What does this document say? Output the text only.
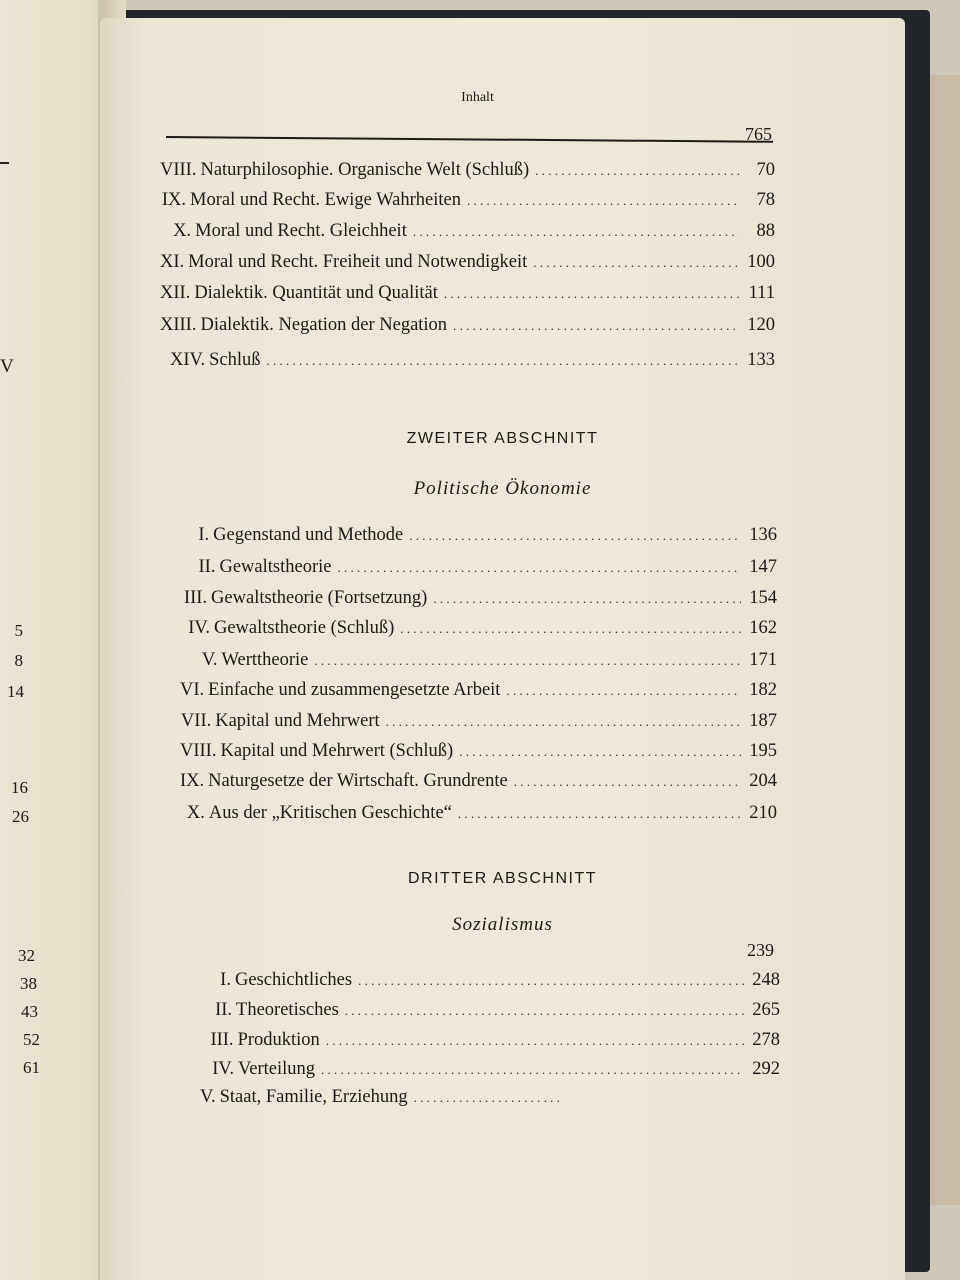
V
5
8
14
16
26
32
38
43
52
61
Inhalt
765
VIII. Naturphilosophie. Organische Welt (Schluß) . . .	70
IX. Moral und Recht. Ewige Wahrheiten . . .	78
X. Moral und Recht. Gleichheit . . .	88
XI. Moral und Recht. Freiheit und Notwendigkeit . . .	100
XII. Dialektik. Quantität und Qualität . . .	111
XIII. Dialektik. Negation der Negation . . .	120
XIV. Schluß . . .	133
ZWEITER ABSCHNITT
Politische Ökonomie
I. Gegenstand und Methode . . .	136
II. Gewaltstheorie . . .	147
III. Gewaltstheorie (Fortsetzung) . . .	154
IV. Gewaltstheorie (Schluß) . . .	162
V. Werttheorie . . .	171
VI. Einfache und zusammengesetzte Arbeit . . .	182
VII. Kapital und Mehrwert . . .	187
VIII. Kapital und Mehrwert (Schluß) . . .	195
IX. Naturgesetze der Wirtschaft. Grundrente . . .	204
X. Aus der „Kritischen Geschichte“ . . .	210
DRITTER ABSCHNITT
Sozialismus
239
I. Geschichtliches . . .	248
II. Theoretisches . . .	265
III. Produktion . . .	278
IV. Verteilung . . .	292
V. Staat, Familie, Erziehung
. . .
